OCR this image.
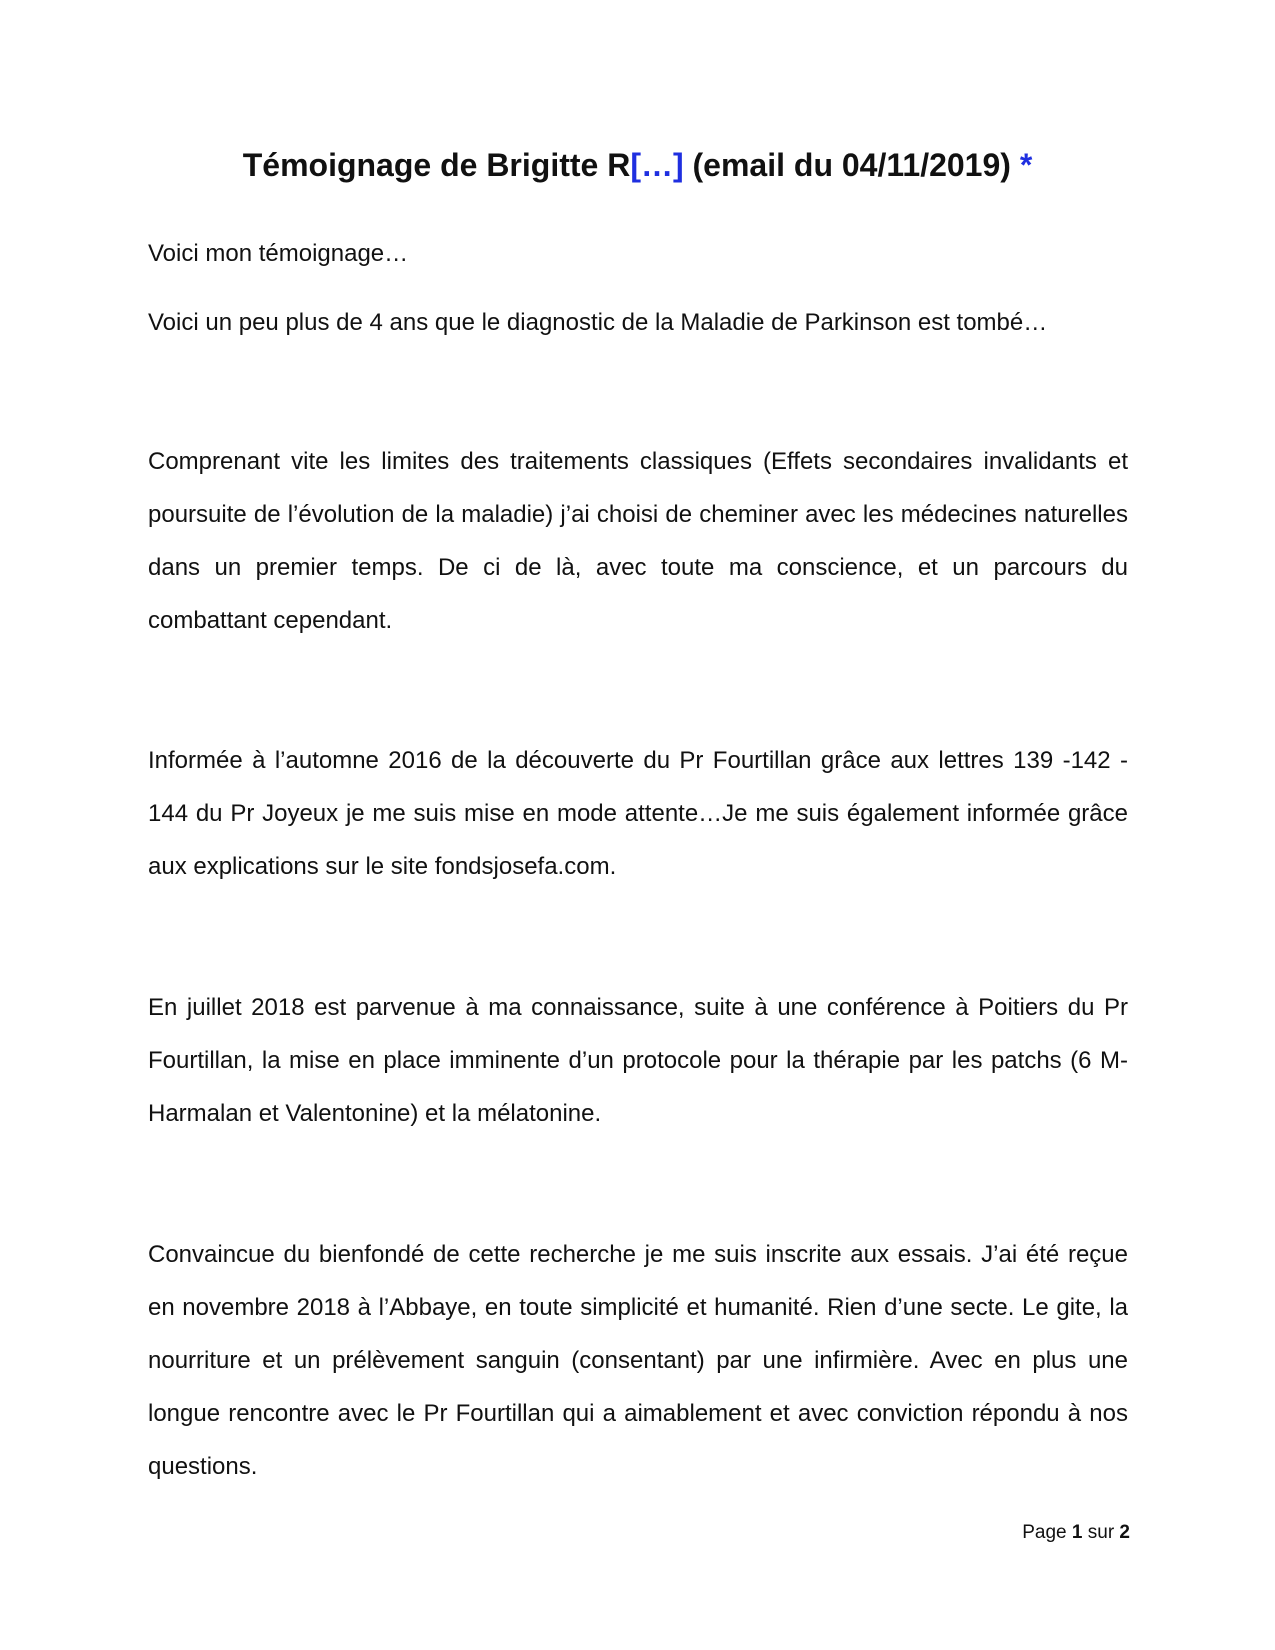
Témoignage de Brigitte R[…] (email du 04/11/2019) *

Voici mon témoignage…

Voici un peu plus de 4 ans que le diagnostic de la Maladie de Parkinson est tombé…

Comprenant vite les limites des traitements classiques (Effets secondaires invalidants et poursuite de l’évolution de la maladie) j’ai choisi de cheminer avec les médecines naturelles dans un premier temps. De ci de là, avec toute ma conscience, et un parcours du combattant cependant.

Informée à l’automne 2016 de la découverte du Pr Fourtillan grâce aux lettres 139 -142 - 144 du Pr Joyeux je me suis mise en mode attente…Je me suis également informée grâce aux explications sur le site fondsjosefa.com.

En juillet 2018 est parvenue à ma connaissance, suite à une conférence à Poitiers du Pr Fourtillan, la mise en place imminente d’un protocole pour la thérapie par les patchs (6 M-Harmalan et Valentonine) et la mélatonine.

Convaincue du bienfondé de cette recherche je me suis inscrite aux essais. J’ai été reçue en novembre 2018 à l’Abbaye, en toute simplicité et humanité. Rien d’une secte. Le gite, la nourriture et un prélèvement sanguin (consentant) par une infirmière. Avec en plus une longue rencontre avec le Pr Fourtillan qui a aimablement et avec conviction répondu à nos questions.

Page 1 sur 2
